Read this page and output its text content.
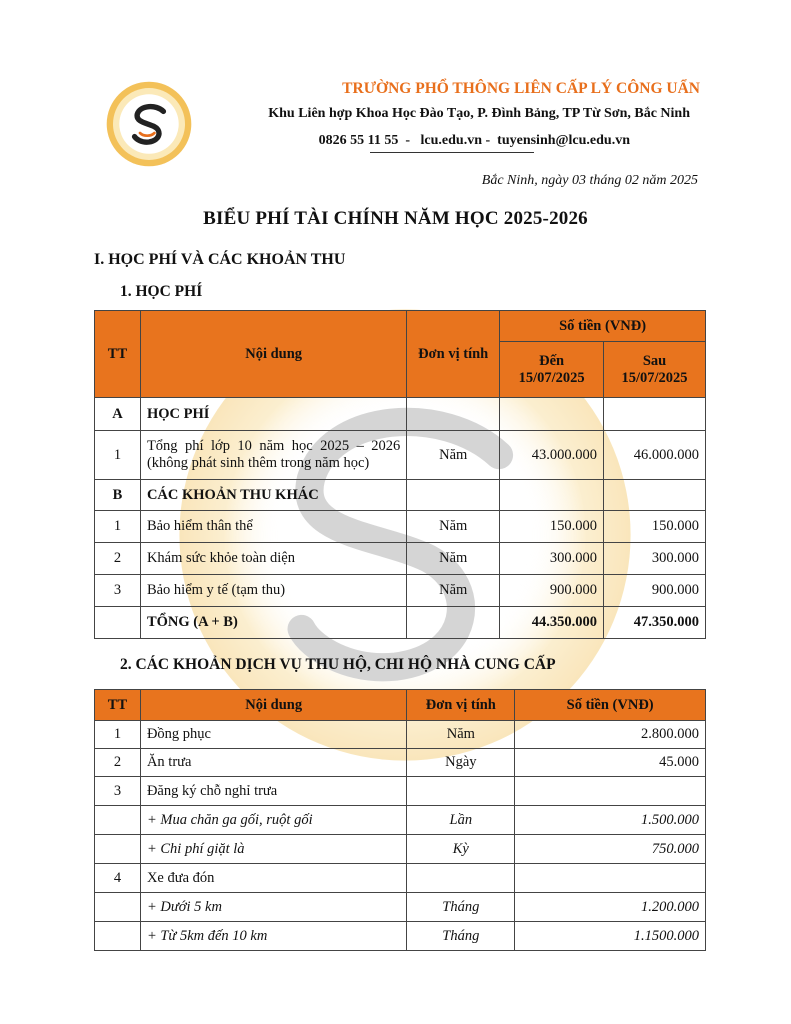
TRƯỜNG PHỔ THÔNG LIÊN CẤP LÝ CÔNG UẨN
Khu Liên hợp Khoa Học Đào Tạo, P. Đình Bảng, TP Từ Sơn, Bắc Ninh
0826 55 11 55  -   lcu.edu.vn -  tuyensinh@lcu.edu.vn
Bắc Ninh, ngày 03 tháng 02 năm 2025
BIỂU PHÍ TÀI CHÍNH NĂM HỌC 2025-2026
I. HỌC PHÍ VÀ CÁC KHOẢN THU
1. HỌC PHÍ
TT	Nội dung	Đơn vị tính	Số tiền (VNĐ)	
			Đến 15/07/2025	Sau 15/07/2025
A	HỌC PHÍ			
1	Tổng phí lớp 10 năm học 2025 – 2026 (không phát sinh thêm trong năm học)	Năm	43.000.000	46.000.000
B	CÁC KHOẢN THU KHÁC			
1	Bảo hiểm thân thể	Năm	150.000	150.000
2	Khám sức khỏe toàn diện	Năm	300.000	300.000
3	Bảo hiểm y tế (tạm thu)	Năm	900.000	900.000
	TỔNG (A + B)		44.350.000	47.350.000
2. CÁC KHOẢN DỊCH VỤ THU HỘ, CHI HỘ NHÀ CUNG CẤP
TT	Nội dung	Đơn vị tính	Số tiền (VNĐ)
1	Đồng phục	Năm	2.800.000
2	Ăn trưa	Ngày	45.000
3	Đăng ký chỗ nghỉ trưa		
	+ Mua chăn ga gối, ruột gối	Lần	1.500.000
	+ Chi phí giặt là	Kỳ	750.000
4	Xe đưa đón		
	+ Dưới 5 km	Tháng	1.200.000
	+ Từ 5km đến 10 km	Tháng	1.1500.000
